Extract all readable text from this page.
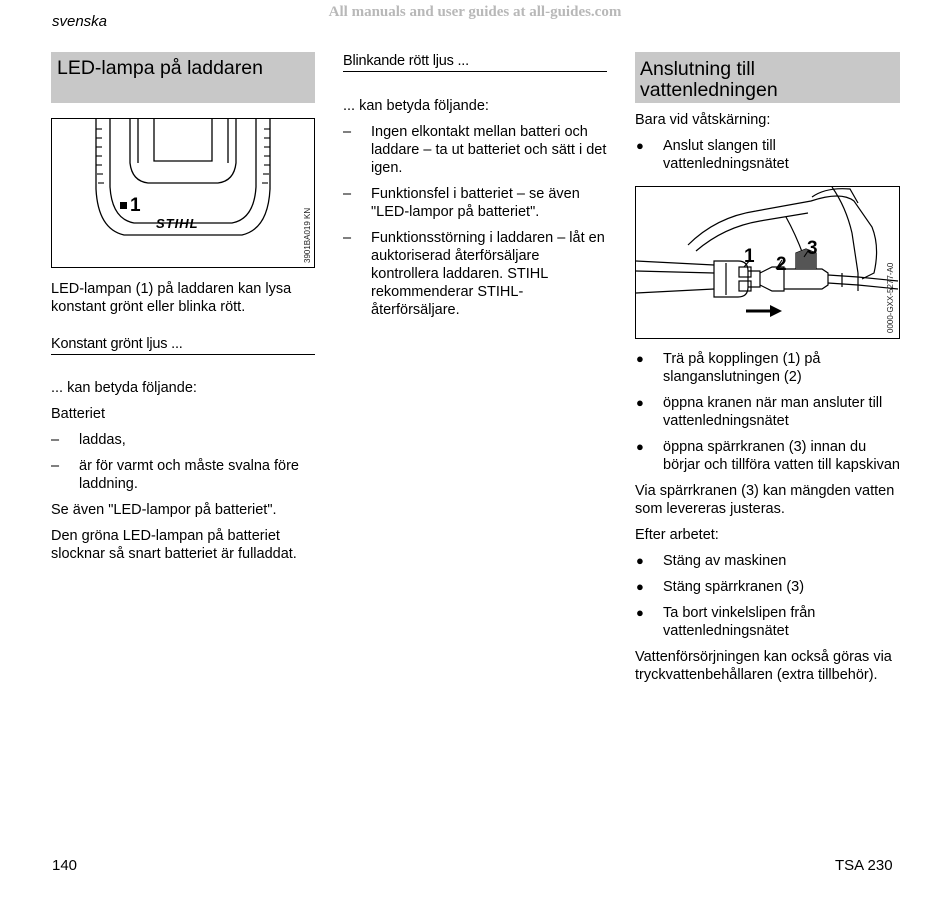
All manuals and user guides at all-guides.com
svenska
LED-lampa på laddaren
1
STIHL	3901BA019 KN

LED-lampan (1) på laddaren kan lysa konstant grönt eller blinka rött.

Konstant grönt ljus ...

... kan betyda följande:

Batteriet

– laddas,
– är för varmt och måste svalna före laddning.

Se även "LED-lampor på batteriet".

Den gröna LED-lampan på batteriet slocknar så snart batteriet är fulladdat.

Blinkande rött ljus ...

... kan betyda följande:

– Ingen elkontakt mellan batteri och laddare – ta ut batteriet och sätt i det igen.
– Funktionsfel i batteriet – se även "LED-lampor på batteriet".
– Funktionsstörning i laddaren – låt en auktoriserad återförsäljare kontrollera laddaren. STIHL rekommenderar STIHL-återförsäljare.
Anslutning till vattenledningen

Bara vid våtskärning:

● Anslut slangen till vattenledningsnätet
1 2
3
0000-GXX-5277-A0
● Trä på kopplingen (1) på slanganslutningen (2)
● öppna kranen när man ansluter till vattenledningsnätet
● öppna spärrkranen (3) innan du börjar och tillföra vatten till kapskivan

Via spärrkranen (3) kan mängden vatten som levereras justeras.

Efter arbetet:

● Stäng av maskinen
● Stäng spärrkranen (3)
● Ta bort vinkelslipen från vattenledningsnätet

Vattenförsörjningen kan också göras via tryckvattenbehållaren (extra tillbehör).

140	TSA 230
